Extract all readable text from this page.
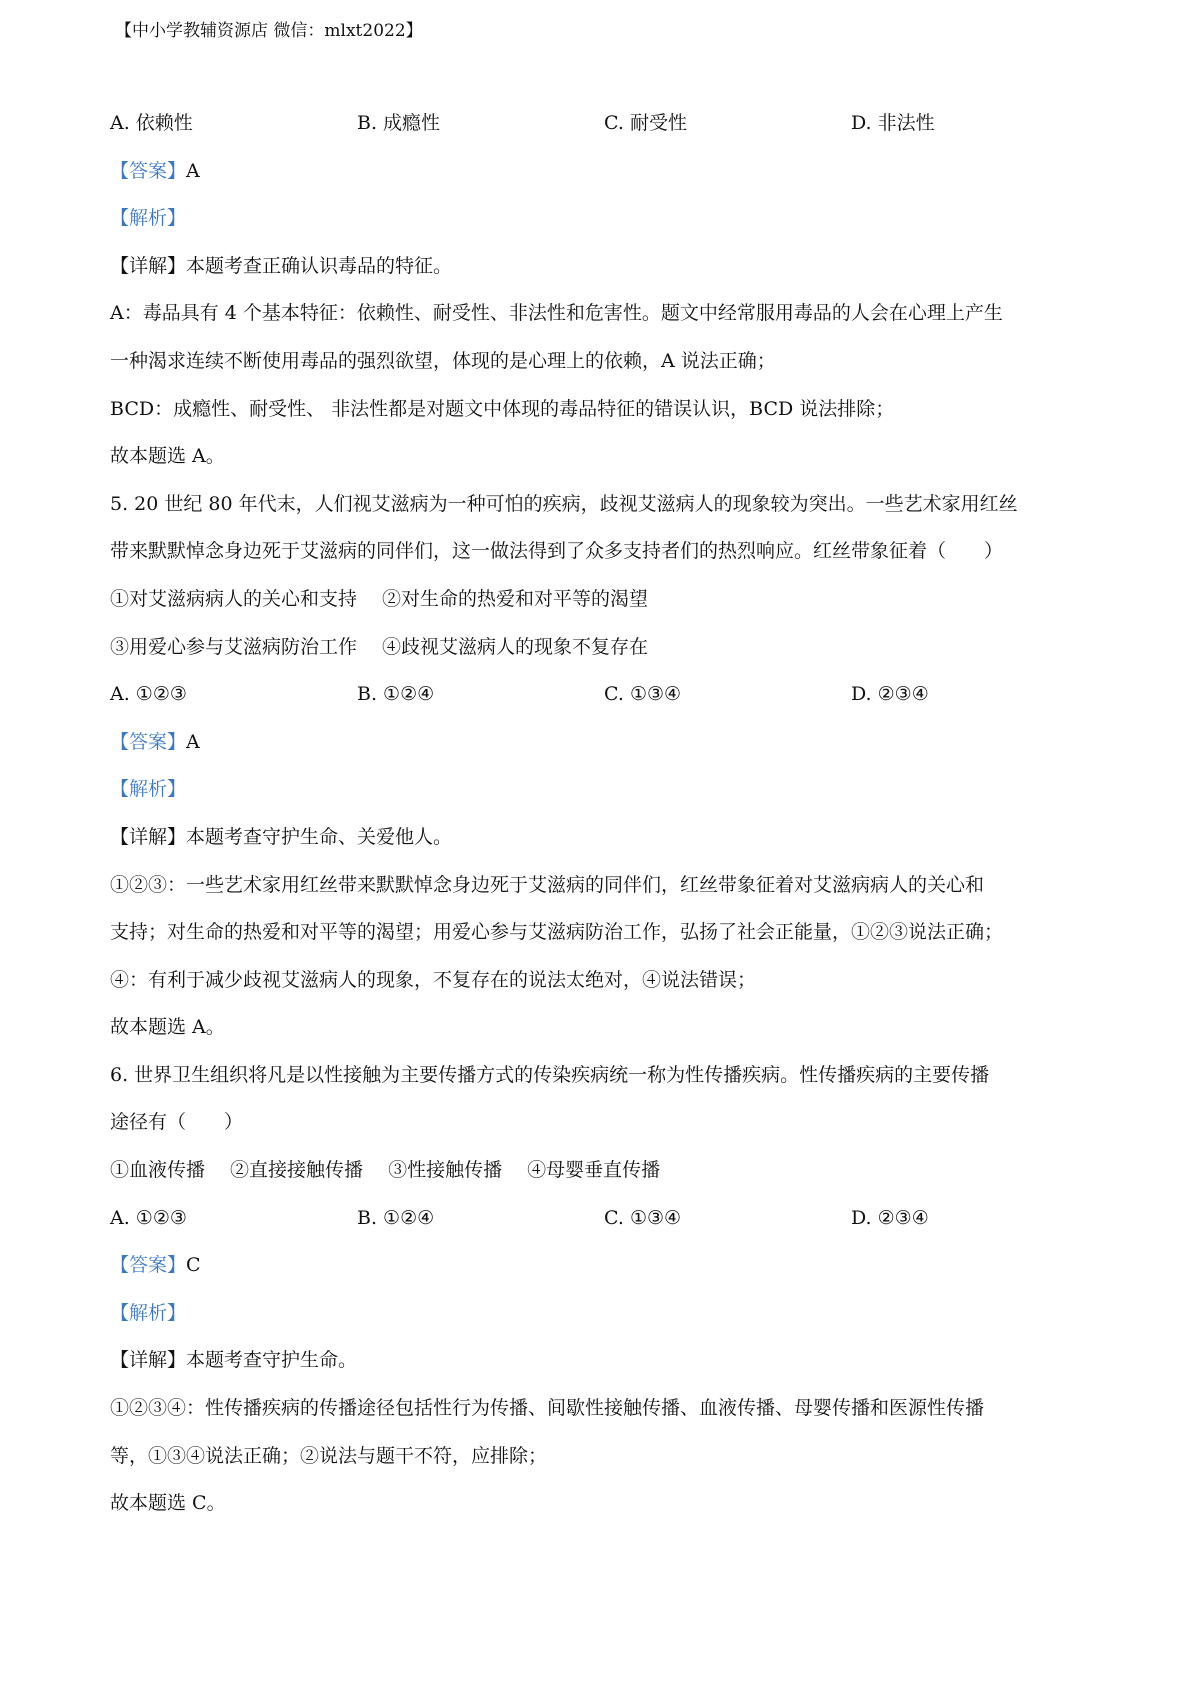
【中小学教辅资源店 微信：mlxt2022】
A. 依赖性	B. 成瘾性	C. 耐受性	D. 非法性
【答案】A
【解析】
【详解】本题考查正确认识毒品的特征。
A：毒品具有 4 个基本特征：依赖性、耐受性、非法性和危害性。题文中经常服用毒品的人会在心理上产生
一种渴求连续不断使用毒品的强烈欲望，体现的是心理上的依赖，A 说法正确；
BCD：成瘾性、耐受性、 非法性都是对题文中体现的毒品特征的错误认识，BCD 说法排除；
故本题选 A。
5. 20 世纪 80 年代末，人们视艾滋病为一种可怕的疾病，歧视艾滋病人的现象较为突出。一些艺术家用红丝
带来默默悼念身边死于艾滋病的同伴们，这一做法得到了众多支持者们的热烈响应。红丝带象征着（　　）
①对艾滋病病人的关心和支持　 ②对生命的热爱和对平等的渴望
③用爱心参与艾滋病防治工作　 ④歧视艾滋病人的现象不复存在
A. ①②③	B. ①②④	C. ①③④	D. ②③④
【答案】A
【解析】
【详解】本题考查守护生命、关爱他人。
①②③：一些艺术家用红丝带来默默悼念身边死于艾滋病的同伴们，红丝带象征着对艾滋病病人的关心和
支持；对生命的热爱和对平等的渴望；用爱心参与艾滋病防治工作，弘扬了社会正能量，①②③说法正确；
④：有利于减少歧视艾滋病人的现象，不复存在的说法太绝对，④说法错误；
故本题选 A。
6. 世界卫生组织将凡是以性接触为主要传播方式的传染疾病统一称为性传播疾病。性传播疾病的主要传播
途径有（　　）
①血液传播　 ②直接接触传播　 ③性接触传播　 ④母婴垂直传播
A. ①②③	B. ①②④	C. ①③④	D. ②③④
【答案】C
【解析】
【详解】本题考查守护生命。
①②③④：性传播疾病的传播途径包括性行为传播、间歇性接触传播、血液传播、母婴传播和医源性传播
等，①③④说法正确；②说法与题干不符，应排除；
故本题选 C。
